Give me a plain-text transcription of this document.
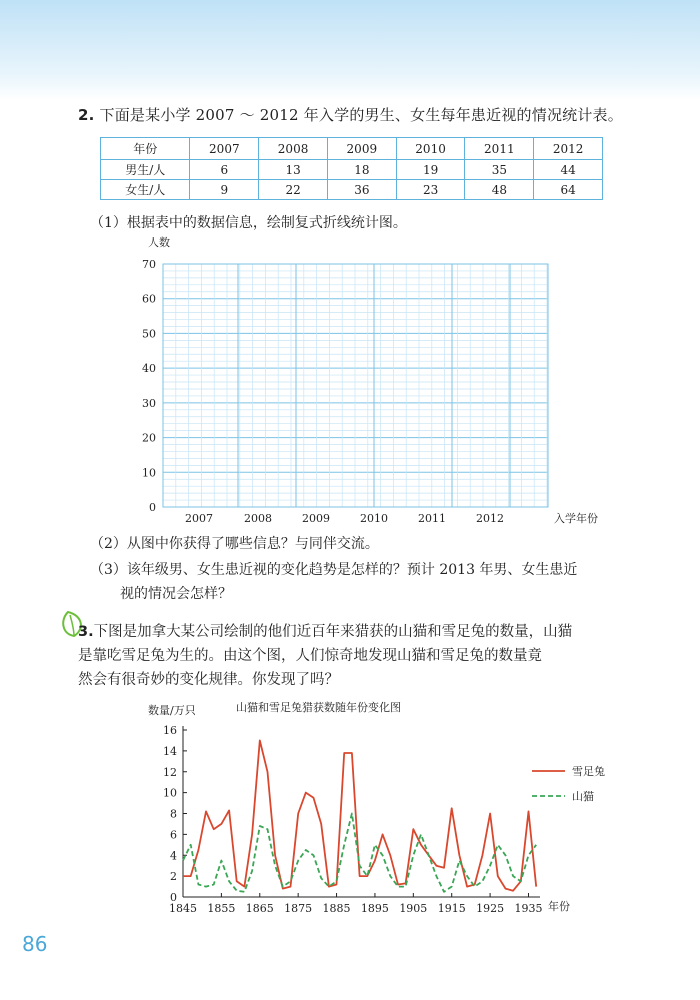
2. 下面是某小学 2007 ～ 2012 年入学的男生、女生每年患近视的情况统计表。
年份	2007	2008	2009	2010	2011	2012
男生/人	6	13	18	19	35	44
女生/人	9	22	36	23	48	64
（1）根据表中的数据信息，绘制复式折线统计图。
0
10
20
30
40
50
60
70
人数
2007	2008	2009	2010	2011	2012	入学年份
（2）从图中你获得了哪些信息？与同伴交流。
（3）该年级男、女生患近视的变化趋势是怎样的？预计 2013 年男、女生患近
视的情况会怎样？
3.下图是加拿大某公司绘制的他们近百年来猎获的山猫和雪足兔的数量，山猫
是靠吃雪足兔为生的。由这个图，人们惊奇地发现山猫和雪足兔的数量竟
然会有很奇妙的变化规律。你发现了吗？
0
2
4
6
8
10
12
14
16
1845 1855 1865 1875 1885 1895 1905 1915 1925 1935
数量/万只	山猫和雪足兔猎获数随年份变化图
年份
雪足兔
山猫
86
